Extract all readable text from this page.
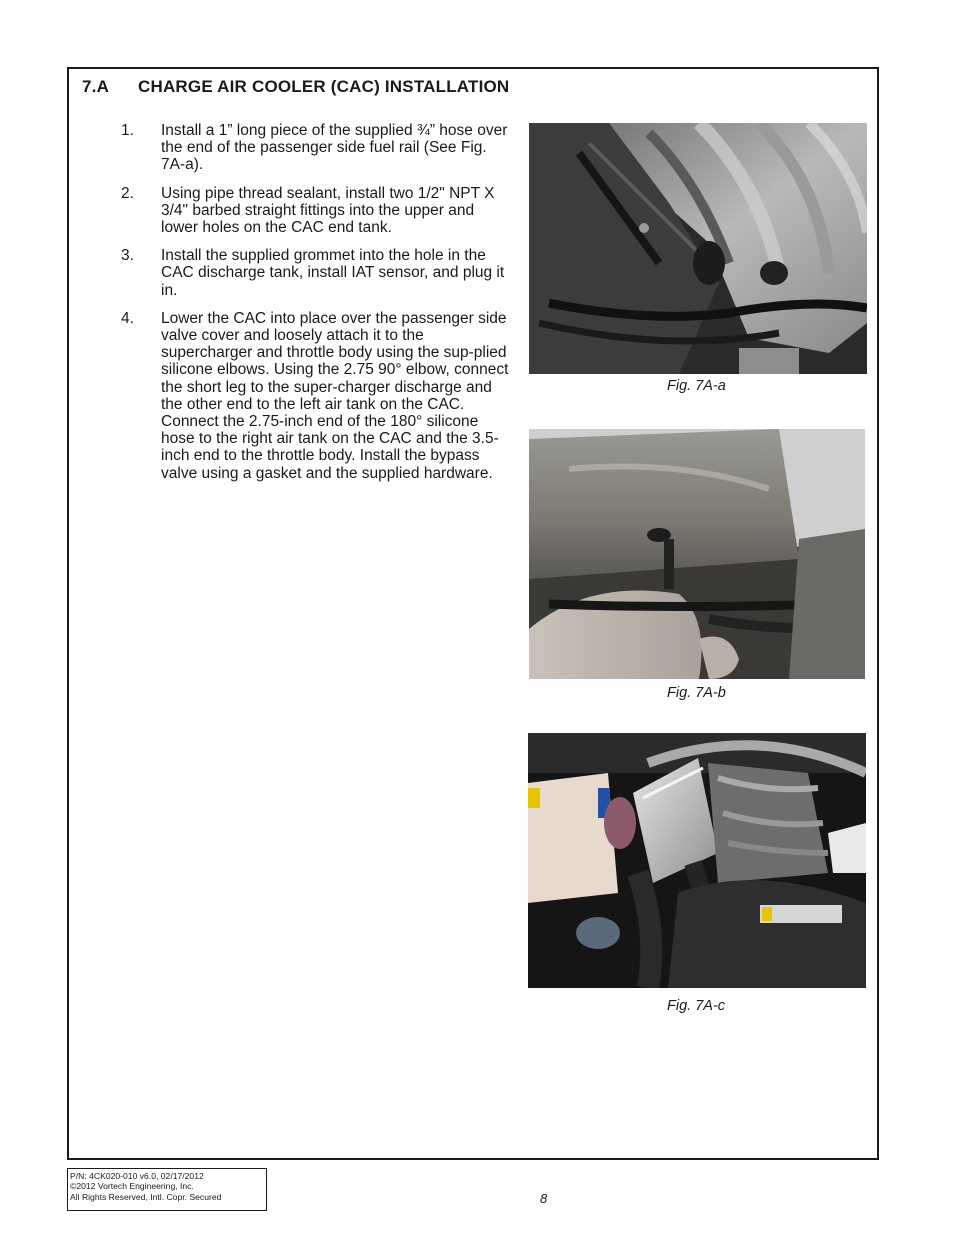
7.A CHARGE AIR COOLER (CAC) INSTALLATION
1. Install a 1” long piece of the supplied ¾” hose over the end of the passenger side fuel rail (See Fig. 7A-a).
2. Using pipe thread sealant, install two 1/2" NPT X 3/4" barbed straight fittings into the upper and lower holes on the CAC end tank.
3. Install the supplied grommet into the hole in the CAC discharge tank, install IAT sensor, and plug it in.
4. Lower the CAC into place over the passenger side valve cover and loosely attach it to the supercharger and throttle body using the sup-plied silicone elbows. Using the 2.75 90° elbow, connect the short leg to the super-charger discharge and the other end to the left air tank on the CAC. Connect the 2.75-inch end of the 180° silicone hose to the right air tank on the CAC and the 3.5-inch end to the throttle body. Install the bypass valve using a gasket and the supplied hardware.
Fig. 7A-a
Fig. 7A-b
Fig. 7A-c
P/N: 4CK020-010 v6.0, 02/17/2012
©2012 Vortech Engineering, Inc.
All Rights Reserved, Intl. Copr. Secured	8
